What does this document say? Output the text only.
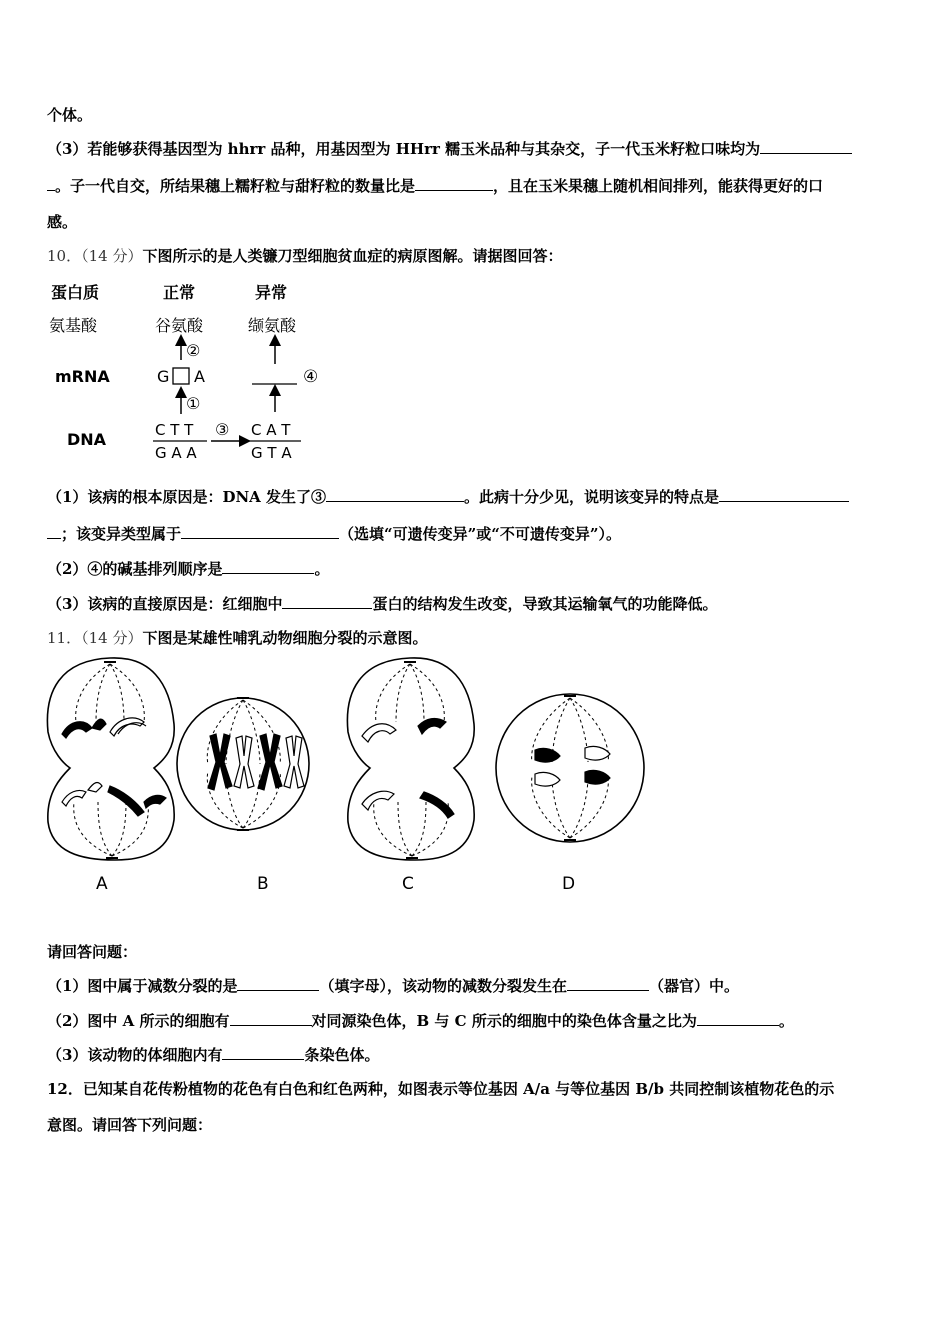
个体。
（3）若能够获得基因型为 hhrr 品种，用基因型为 HHrr 糯玉米品种与其杂交，子一代玉米籽粒口味均为
。子一代自交，所结果穗上糯籽粒与甜籽粒的数量比是	，且在玉米果穗上随机相间排列，能获得更好的口
感。
10．（14 分）下图所示的是人类镰刀型细胞贫血症的病原图解。请据图回答：
蛋白质	正常	异常
氨基酸	谷氨酸	缬氨酸
②
mRNA	G A	④
①
DNA	C T T
G A A
③ C A T
G T A
（1）该病的根本原因是：DNA 发生了③	。此病十分少见，说明该变异的特点是
；该变异类型属于	（选填“可遗传变异”或“不可遗传变异”）。
（2）④的碱基排列顺序是	。
（3）该病的直接原因是：红细胞中	蛋白的结构发生改变，导致其运输氧气的功能降低。
11．（14 分）下图是某雄性哺乳动物细胞分裂的示意图。
A	B	C	D
请回答问题：
（1）图中属于减数分裂的是	（填字母），该动物的减数分裂发生在	（器官）中。
（2）图中 A 所示的细胞有	对同源染色体，B 与 C 所示的细胞中的染色体含量之比为	。
（3）该动物的体细胞内有	条染色体。
12．已知某自花传粉植物的花色有白色和红色两种，如图表示等位基因 A/a 与等位基因 B/b 共同控制该植物花色的示
意图。请回答下列问题：
